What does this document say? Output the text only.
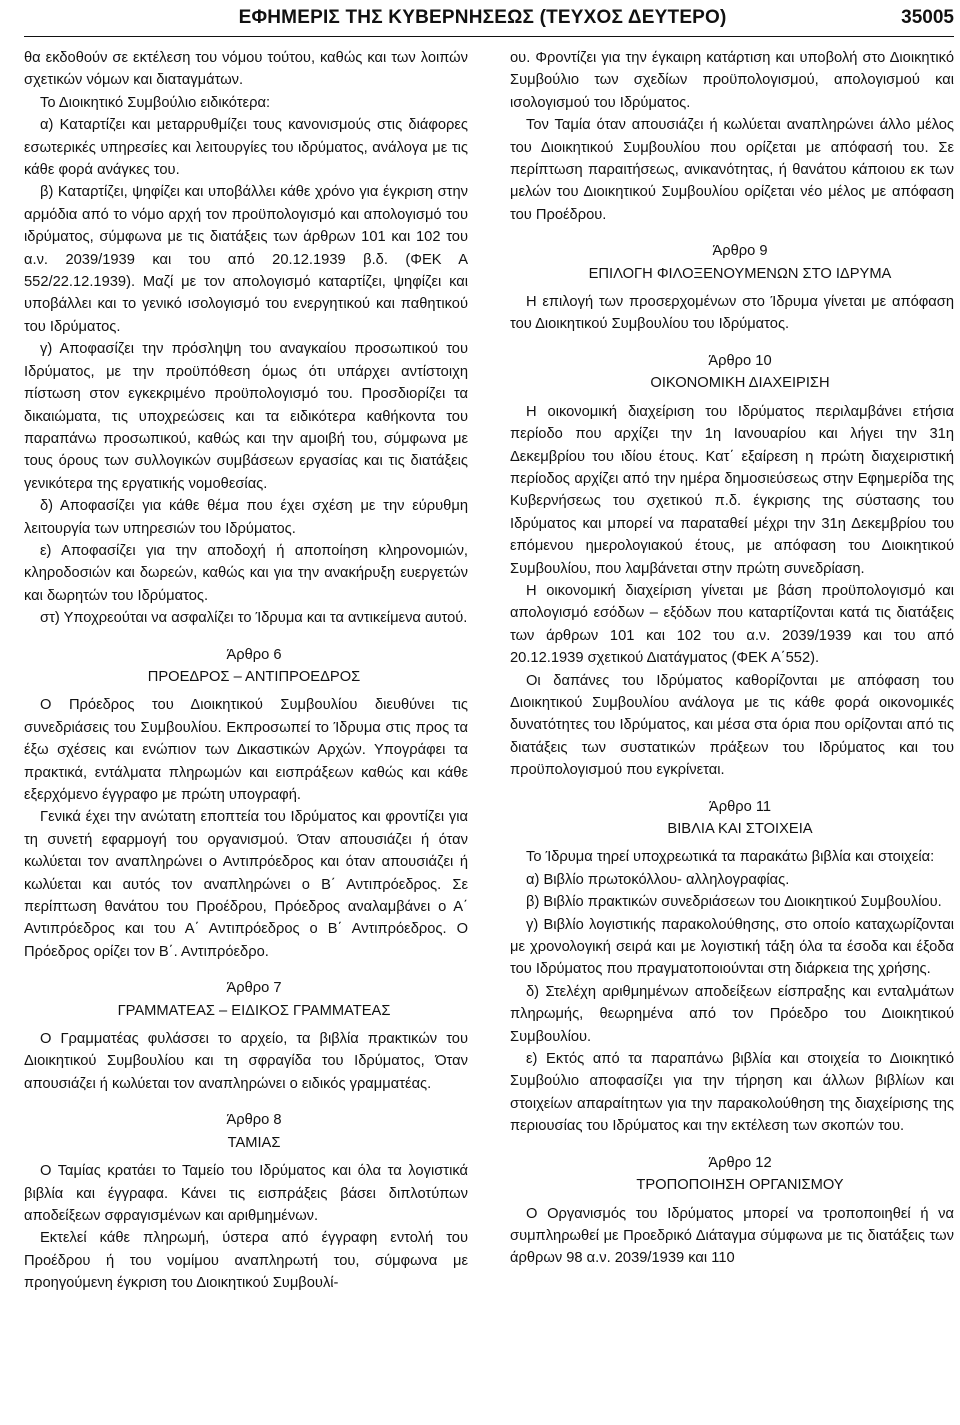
ΕΦΗΜΕΡΙΣ ΤΗΣ ΚΥΒΕΡΝΗΣΕΩΣ (ΤΕΥΧΟΣ ΔΕΥΤΕΡΟ)	35005

θα εκδοθούν σε εκτέλεση του νόμου τούτου, καθώς και των λοιπών σχετικών νόμων και διαταγμάτων.

Το Διοικητικό Συμβούλιο ειδικότερα:

α) Καταρτίζει και μεταρρυθμίζει τους κανονισμούς στις διάφορες εσωτερικές υπηρεσίες και λειτουργίες του ιδρύματος, ανάλογα με τις κάθε φορά ανάγκες του.

β) Καταρτίζει, ψηφίζει και υποβάλλει κάθε χρόνο για έγκριση στην αρμόδια από το νόμο αρχή τον προϋπολογισμό και απολογισμό του ιδρύματος, σύμφωνα με τις διατάξεις των άρθρων 101 και 102 του α.ν. 2039/1939 και του από 20.12.1939 β.δ. (ΦΕΚ Α 552/22.12.1939). Μαζί με τον απολογισμό καταρτίζει, ψηφίζει και υποβάλλει και το γενικό ισολογισμό του ενεργητικού και παθητικού του Ιδρύματος.

γ) Αποφασίζει την πρόσληψη του αναγκαίου προσωπικού του Ιδρύματος, με την προϋπόθεση όμως ότι υπάρχει αντίστοιχη πίστωση στον εγκεκριμένο προϋπολογισμό του. Προσδιορίζει τα δικαιώματα, τις υποχρεώσεις και τα ειδικότερα καθήκοντα του παραπάνω προσωπικού, καθώς και την αμοιβή του, σύμφωνα με τους όρους των συλλογικών συμβάσεων εργασίας και τις διατάξεις γενικότερα της εργατικής νομοθεσίας.

δ) Αποφασίζει για κάθε θέμα που έχει σχέση με την εύρυθμη λειτουργία των υπηρεσιών του Ιδρύματος.

ε) Αποφασίζει για την αποδοχή ή αποποίηση κληρονομιών, κληροδοσιών και δωρεών, καθώς και για την ανακήρυξη ευεργετών και δωρητών του Ιδρύματος.

στ) Υποχρεούται να ασφαλίζει το Ίδρυμα και τα αντικείμενα αυτού.

Άρθρο 6

ΠΡΟΕΔΡΟΣ – ΑΝΤΙΠΡΟΕΔΡΟΣ

Ο Πρόεδρος του Διοικητικού Συμβουλίου διευθύνει τις συνεδριάσεις του Συμβουλίου. Εκπροσωπεί το Ίδρυμα στις προς τα έξω σχέσεις και ενώπιον των Δικαστικών Αρχών. Υπογράφει τα πρακτικά, εντάλματα πληρωμών και εισπράξεων καθώς και κάθε εξερχόμενο έγγραφο με πρώτη υπογραφή.

Γενικά έχει την ανώτατη εποπτεία του Ιδρύματος και φροντίζει για τη συνετή εφαρμογή του οργανισμού. Όταν απουσιάζει ή όταν κωλύεται τον αναπληρώνει ο Αντιπρόεδρος και όταν απουσιάζει ή κωλύεται και αυτός τον αναπληρώνει ο Β΄ Αντιπρόεδρος. Σε περίπτωση θανάτου του Προέδρου, Πρόεδρος αναλαμβάνει ο Α΄ Αντιπρόεδρος και του Α΄ Αντιπρόεδρος ο Β΄ Αντιπρόεδρος. Ο Πρόεδρος ορίζει τον Β΄. Αντιπρόεδρο.

Άρθρο 7

ΓΡΑΜΜΑΤΕΑΣ – ΕΙΔΙΚΟΣ ΓΡΑΜΜΑΤΕΑΣ

Ο Γραμματέας φυλάσσει το αρχείο, τα βιβλία πρακτικών του Διοικητικού Συμβουλίου και τη σφραγίδα του Ιδρύματος, Όταν απουσιάζει ή κωλύεται τον αναπληρώνει ο ειδικός γραμματέας.

Άρθρο 8

ΤΑΜΙΑΣ

Ο Ταμίας κρατάει το Ταμείο του Ιδρύματος και όλα τα λογιστικά βιβλία και έγγραφα. Κάνει τις εισπράξεις βάσει διπλοτύπων αποδείξεων σφραγισμένων και αριθμημένων.

Εκτελεί κάθε πληρωμή, ύστερα από έγγραφη εντολή του Προέδρου ή του νομίμου αναπληρωτή του, σύμφωνα με προηγούμενη έγκριση του Διοικητικού Συμβουλί-

ου. Φροντίζει για την έγκαιρη κατάρτιση και υποβολή στο Διοικητικό Συμβούλιο των σχεδίων προϋπολογισμού, απολογισμού και ισολογισμού του Ιδρύματος.

Τον Ταμία όταν απουσιάζει ή κωλύεται αναπληρώνει άλλο μέλος του Διοικητικού Συμβουλίου που ορίζεται με απόφασή του. Σε περίπτωση παραιτήσεως, ανικανότητας, ή θανάτου κάποιου εκ των μελών του Διοικητικού Συμβουλίου ορίζεται νέο μέλος με απόφαση του Προέδρου.

Άρθρο 9

ΕΠΙΛΟΓΗ ΦΙΛΟΞΕΝΟΥΜΕΝΩΝ ΣΤΟ ΙΔΡΥΜΑ

Η επιλογή των προσερχομένων στο Ίδρυμα γίνεται με απόφαση του Διοικητικού Συμβουλίου του Ιδρύματος.

Άρθρο 10

ΟΙΚΟΝΟΜΙΚΗ ΔΙΑΧΕΙΡΙΣΗ

Η οικονομική διαχείριση του Ιδρύματος περιλαμβάνει ετήσια περίοδο που αρχίζει την 1η Ιανουαρίου και λήγει την 31η Δεκεμβρίου του ιδίου έτους. Κατ΄ εξαίρεση η πρώτη διαχειριστική περίοδος αρχίζει από την ημέρα δημοσιεύσεως στην Εφημερίδα της Κυβερνήσεως του σχετικού π.δ. έγκρισης της σύστασης του Ιδρύματος και μπορεί να παραταθεί μέχρι την 31η Δεκεμβρίου του επόμενου ημερολογιακού έτους, με απόφαση του Διοικητικού Συμβουλίου, που λαμβάνεται στην πρώτη συνεδρίαση.

Η οικονομική διαχείριση γίνεται με βάση προϋπολογισμό και απολογισμό εσόδων – εξόδων που καταρτίζονται κατά τις διατάξεις των άρθρων 101 και 102 του α.ν. 2039/1939 και του από 20.12.1939 σχετικού Διατάγματος (ΦΕΚ Α΄552).

Οι δαπάνες του Ιδρύματος καθορίζονται με απόφαση του Διοικητικού Συμβουλίου ανάλογα με τις κάθε φορά οικονομικές δυνατότητες του Ιδρύματος, και μέσα στα όρια που ορίζονται από τις διατάξεις των συστατικών πράξεων του Ιδρύματος και του προϋπολογισμού που εγκρίνεται.

Άρθρο 11

ΒΙΒΛΙΑ ΚΑΙ ΣΤΟΙΧΕΙΑ

Το Ίδρυμα τηρεί υποχρεωτικά τα παρακάτω βιβλία και στοιχεία:

α) Βιβλίο πρωτοκόλλου- αλληλογραφίας.

β) Βιβλίο πρακτικών συνεδριάσεων του Διοικητικού Συμβουλίου.

γ) Βιβλίο λογιστικής παρακολούθησης, στο οποίο καταχωρίζονται με χρονολογική σειρά και με λογιστική τάξη όλα τα έσοδα και έξοδα του Ιδρύματος που πραγματοποιούνται στη διάρκεια της χρήσης.

δ) Στελέχη αριθμημένων αποδείξεων είσπραξης και ενταλμάτων πληρωμής, θεωρημένα από τον Πρόεδρο του Διοικητικού Συμβουλίου.

ε) Εκτός από τα παραπάνω βιβλία και στοιχεία το Διοικητικό Συμβούλιο αποφασίζει για την τήρηση και άλλων βιβλίων και στοιχείων απαραίτητων για την παρακολούθηση της διαχείρισης της περιουσίας του Ιδρύματος και την εκτέλεση των σκοπών του.

Άρθρο 12

ΤΡΟΠΟΠΟΙΗΣΗ ΟΡΓΑΝΙΣΜΟΥ

Ο Οργανισμός του Ιδρύματος μπορεί να τροποποιηθεί ή να συμπληρωθεί με Προεδρικό Διάταγμα σύμφωνα με τις διατάξεις των άρθρων 98 α.ν. 2039/1939 και 110
